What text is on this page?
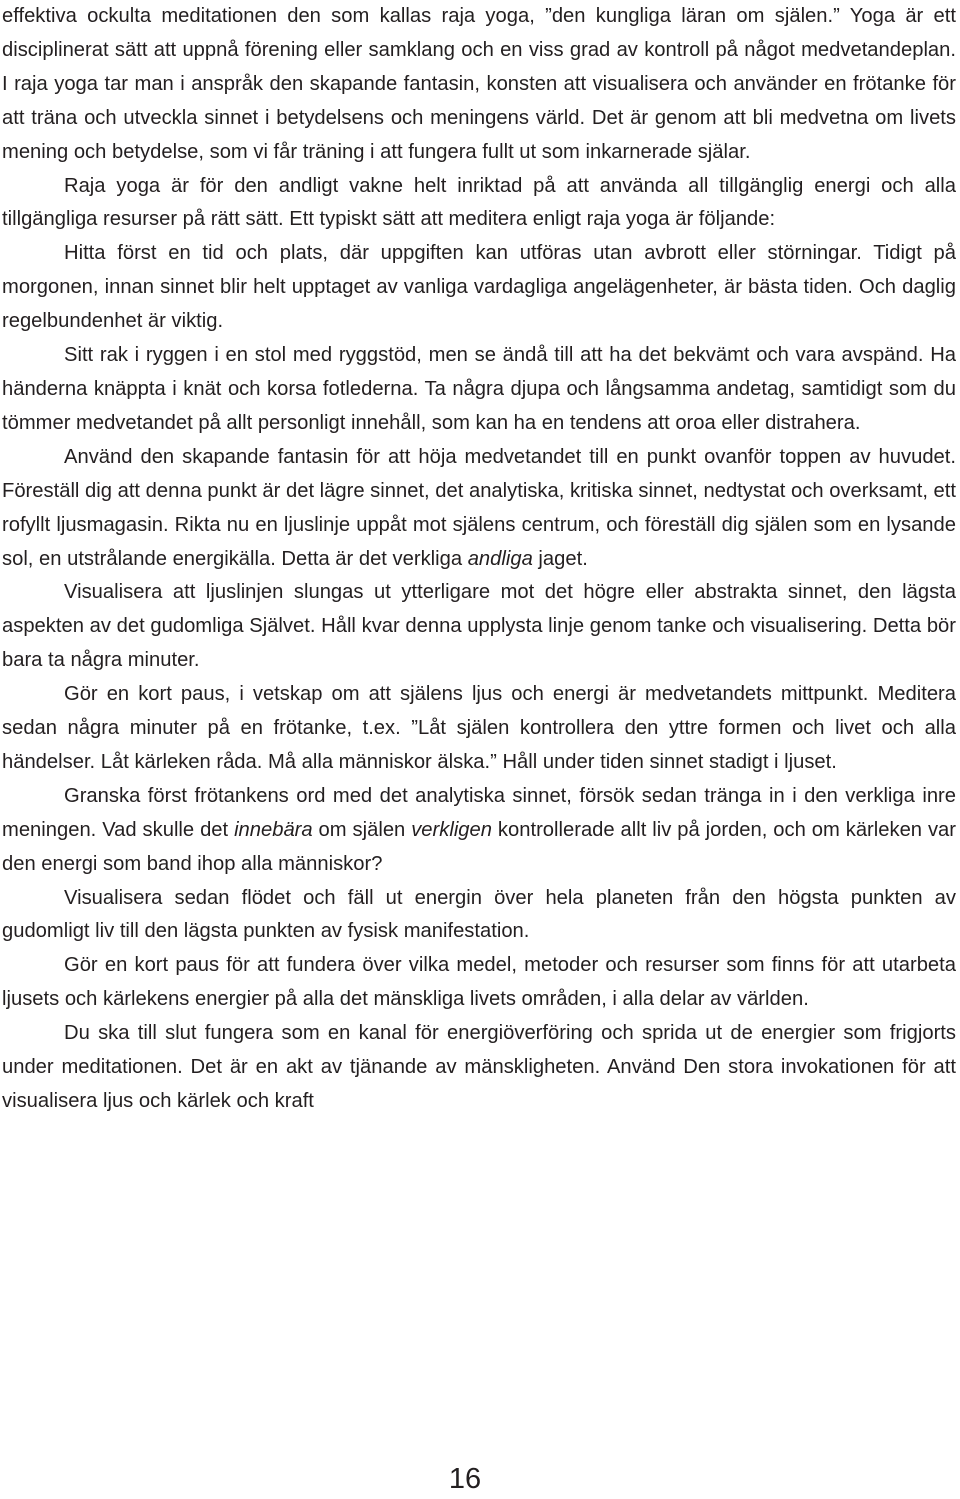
effektiva ockulta meditationen den som kallas raja yoga, ”den kungliga läran om själen.” Yoga är ett disciplinerat sätt att uppnå förening eller samklang och en viss grad av kontroll på något medvetandeplan. I raja yoga tar man i anspråk den skapande fantasin, konsten att visualisera och använder en frötanke för att träna och utveckla sinnet i betydelsens och meningens värld. Det är genom att bli medvetna om livets mening och betydelse, som vi får träning i att fungera fullt ut som inkarnerade själar.

Raja yoga är för den andligt vakne helt inriktad på att använda all tillgänglig energi och alla tillgängliga resurser på rätt sätt. Ett typiskt sätt att meditera enligt raja yoga är följande:

Hitta först en tid och plats, där uppgiften kan utföras utan avbrott eller störningar. Tidigt på morgonen, innan sinnet blir helt upptaget av vanliga vardagliga angelägenheter, är bästa tiden. Och daglig regelbundenhet är viktig.

Sitt rak i ryggen i en stol med ryggstöd, men se ändå till att ha det bekvämt och vara avspänd. Ha händerna knäppta i knät och korsa fotlederna. Ta några djupa och långsamma andetag, samtidigt som du tömmer medvetandet på allt personligt innehåll, som kan ha en tendens att oroa eller distrahera.

Använd den skapande fantasin för att höja medvetandet till en punkt ovanför toppen av huvudet. Föreställ dig att denna punkt är det lägre sinnet, det analytiska, kritiska sinnet, nedtystat och overksamt, ett rofyllt ljusmagasin. Rikta nu en ljuslinje uppåt mot själens centrum, och föreställ dig själen som en lysande sol, en utstrålande energikälla. Detta är det verkliga andliga jaget.

Visualisera att ljuslinjen slungas ut ytterligare mot det högre eller abstrakta sinnet, den lägsta aspekten av det gudomliga Självet. Håll kvar denna upplysta linje genom tanke och visualisering. Detta bör bara ta några minuter.

Gör en kort paus, i vetskap om att själens ljus och energi är medvetandets mittpunkt. Meditera sedan några minuter på en frötanke, t.ex. ”Låt själen kontrollera den yttre formen och livet och alla händelser. Låt kärleken råda. Må alla människor älska.” Håll under tiden sinnet stadigt i ljuset.

Granska först frötankens ord med det analytiska sinnet, försök sedan tränga in i den verkliga inre meningen. Vad skulle det innebära om själen verkligen kontrollerade allt liv på jorden, och om kärleken var den energi som band ihop alla människor?

Visualisera sedan flödet och fäll ut energin över hela planeten från den högsta punkten av gudomligt liv till den lägsta punkten av fysisk manifestation.

Gör en kort paus för att fundera över vilka medel, metoder och resurser som finns för att utarbeta ljusets och kärlekens energier på alla det mänskliga livets områden, i alla delar av världen.

Du ska till slut fungera som en kanal för energiöverföring och sprida ut de energier som frigjorts under meditationen. Det är en akt av tjänande av mänskligheten. Använd Den stora invokationen för att visualisera ljus och kärlek och kraft

16
